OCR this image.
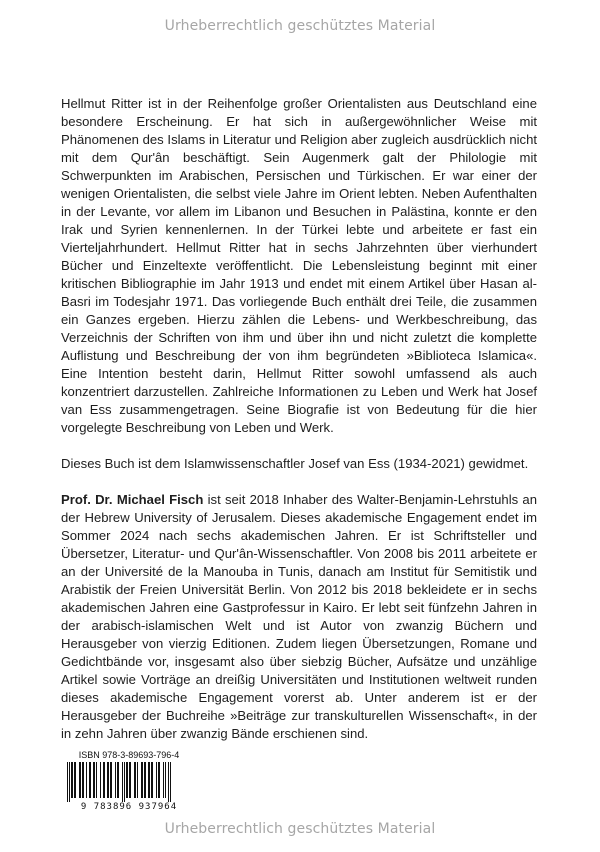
Urheberrechtlich geschütztes Material

Hellmut Ritter ist in der Reihenfolge großer Orientalisten aus Deutschland eine besondere Erscheinung. Er hat sich in außergewöhnlicher Weise mit Phänomenen des Islams in Literatur und Religion aber zugleich ausdrücklich nicht mit dem Qur'ân beschäftigt. Sein Augenmerk galt der Philologie mit Schwerpunkten im Arabischen, Persischen und Türkischen. Er war einer der wenigen Orientalisten, die selbst viele Jahre im Orient lebten. Neben Aufenthalten in der Levante, vor allem im Libanon und Besuchen in Palästina, konnte er den Irak und Syrien kennenlernen. In der Türkei lebte und arbeitete er fast ein Vierteljahrhundert. Hellmut Ritter hat in sechs Jahrzehnten über vierhundert Bücher und Einzeltexte veröffentlicht. Die Lebensleistung beginnt mit einer kritischen Bibliographie im Jahr 1913 und endet mit einem Artikel über Hasan al-Basri im Todesjahr 1971. Das vorliegende Buch enthält drei Teile, die zusammen ein Ganzes ergeben. Hierzu zählen die Lebens- und Werkbeschreibung, das Verzeichnis der Schriften von ihm und über ihn und nicht zuletzt die komplette Auflistung und Beschreibung der von ihm begründeten »Biblioteca Islamica«. Eine Intention besteht darin, Hellmut Ritter sowohl umfassend als auch konzentriert darzustellen. Zahlreiche Informationen zu Leben und Werk hat Josef van Ess zusammengetragen. Seine Biografie ist von Bedeutung für die hier vorgelegte Beschreibung von Leben und Werk.

Dieses Buch ist dem Islamwissenschaftler Josef van Ess (1934-2021) gewidmet.

Prof. Dr. Michael Fisch ist seit 2018 Inhaber des Walter-Benjamin-Lehrstuhls an der Hebrew University of Jerusalem. Dieses akademische Engagement endet im Sommer 2024 nach sechs akademischen Jahren. Er ist Schriftsteller und Übersetzer, Literatur- und Qur'ân-Wissenschaftler. Von 2008 bis 2011 arbeitete er an der Université de la Manouba in Tunis, danach am Institut für Semitistik und Arabistik der Freien Universität Berlin. Von 2012 bis 2018 bekleidete er in sechs akademischen Jahren eine Gastprofessur in Kairo. Er lebt seit fünfzehn Jahren in der arabisch-islamischen Welt und ist Autor von zwanzig Büchern und Herausgeber von vierzig Editionen. Zudem liegen Übersetzungen, Romane und Gedichtbände vor, insgesamt also über siebzig Bücher, Aufsätze und unzählige Artikel sowie Vorträge an dreißig Universitäten und Institutionen weltweit runden dieses akademische Engagement vorerst ab. Unter anderem ist er der Herausgeber der Buchreihe »Beiträge zur transkulturellen Wissenschaft«, in der in zehn Jahren über zwanzig Bände erschienen sind.

ISBN 978-3-89693-796-4
9 783896 937964
Urheberrechtlich geschütztes Material
